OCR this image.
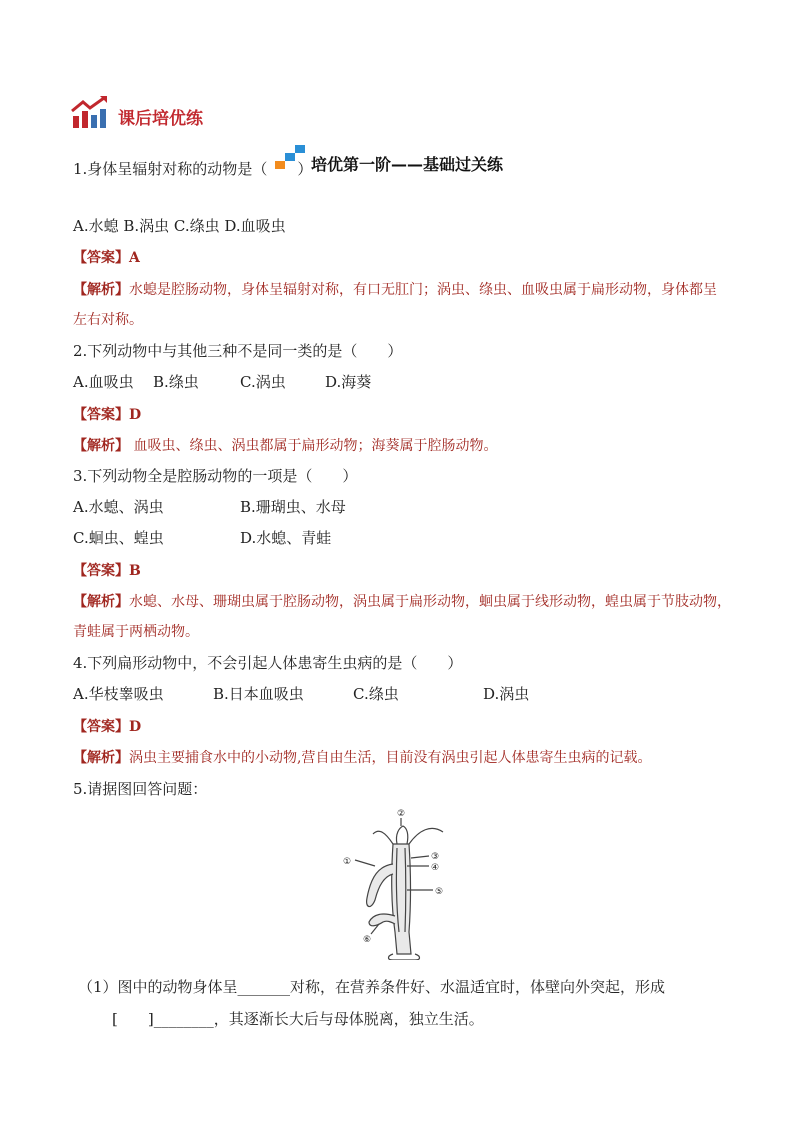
课后培优练
培优第一阶——基础过关练
1.身体呈辐射对称的动物是（　　）
A.水螅 B.涡虫 C.绦虫 D.血吸虫
【答案】A
【解析】水螅是腔肠动物，身体呈辐射对称，有口无肛门；涡虫、绦虫、血吸虫属于扁形动物，身体都呈
左右对称。
2.下列动物中与其他三种不是同一类的是（　　）
A.血吸虫 B.绦虫	C.涡虫	D.海葵
【答案】D
【解析】 血吸虫、绦虫、涡虫都属于扁形动物；海葵属于腔肠动物。
3.下列动物全是腔肠动物的一项是（　　）
A.水螅、涡虫	B.珊瑚虫、水母
C.蛔虫、蝗虫	D.水螅、青蛙
【答案】B
【解析】水螅、水母、珊瑚虫属于腔肠动物，涡虫属于扁形动物，蛔虫属于线形动物，蝗虫属于节肢动物，
青蛙属于两栖动物。
4.下列扁形动物中，不会引起人体患寄生虫病的是（　　）
A.华枝睾吸虫	B.日本血吸虫	C.绦虫	D.涡虫
【答案】D
【解析】涡虫主要捕食水中的小动物,营自由生活，目前没有涡虫引起人体患寄生虫病的记载。
5.请据图回答问题：
①
②
③
④
⑤
⑥
（1）图中的动物身体呈_______对称，在营养条件好、水温适宜时，体壁向外突起，形成
[　　]________，其逐渐长大后与母体脱离，独立生活。
